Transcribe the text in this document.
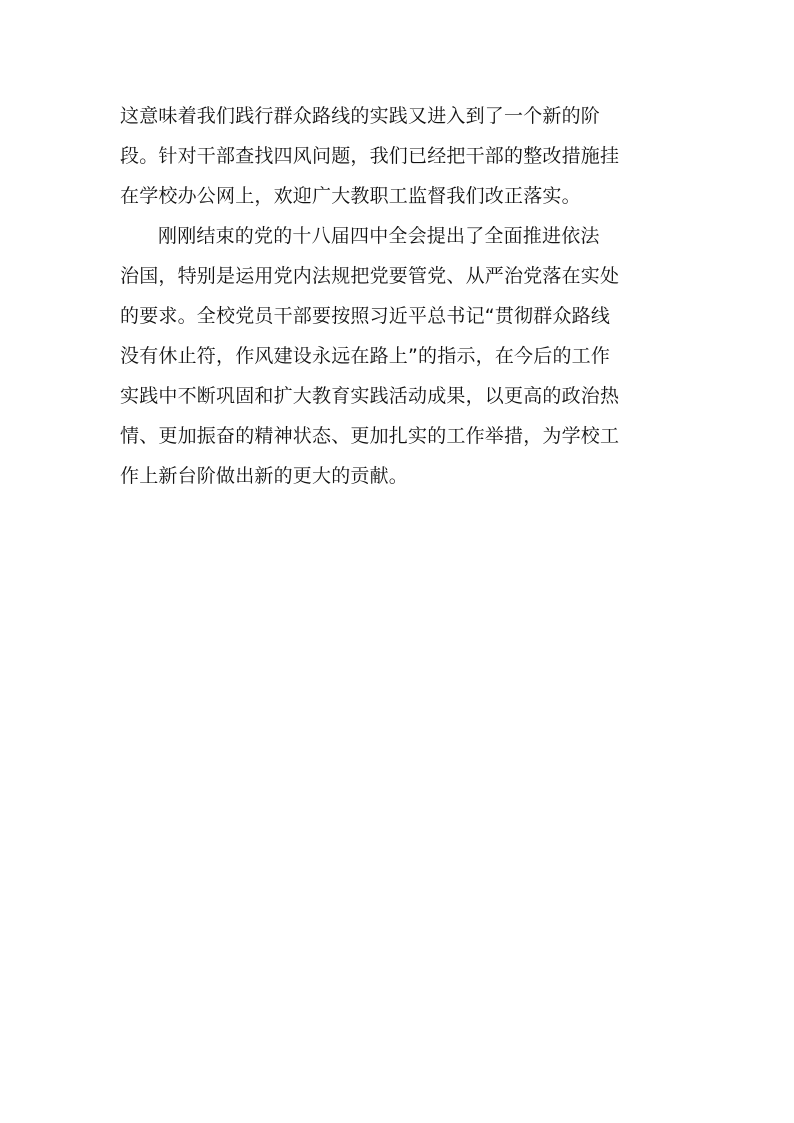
这意味着我们践行群众路线的实践又进入到了一个新的阶
段。针对干部查找四风问题，我们已经把干部的整改措施挂
在学校办公网上，欢迎广大教职工监督我们改正落实。
刚刚结束的党的十八届四中全会提出了全面推进依法
治国，特别是运用党内法规把党要管党、从严治党落在实处
的要求。全校党员干部要按照习近平总书记“贯彻群众路线
没有休止符，作风建设永远在路上”的指示，在今后的工作
实践中不断巩固和扩大教育实践活动成果，以更高的政治热
情、更加振奋的精神状态、更加扎实的工作举措，为学校工
作上新台阶做出新的更大的贡献。
